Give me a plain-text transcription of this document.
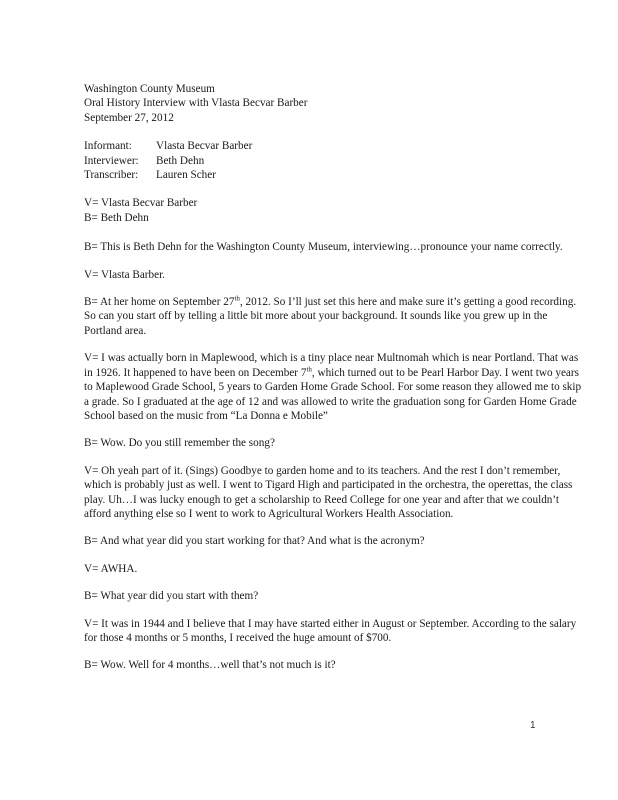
Washington County Museum
Oral History Interview with Vlasta Becvar Barber
September 27, 2012
Informant:	Vlasta Becvar Barber
Interviewer:	Beth Dehn
Transcriber:	Lauren Scher
V= Vlasta Becvar Barber
B= Beth Dehn

B= This is Beth Dehn for the Washington County Museum, interviewing…pronounce your name correctly.

V= Vlasta Barber.

B= At her home on September 27th, 2012. So I’ll just set this here and make sure it’s getting a good recording. So can you start off by telling a little bit more about your background. It sounds like you grew up in the Portland area.

V= I was actually born in Maplewood, which is a tiny place near Multnomah which is near Portland. That was in 1926. It happened to have been on December 7th, which turned out to be Pearl Harbor Day. I went two years to Maplewood Grade School, 5 years to Garden Home Grade School. For some reason they allowed me to skip a grade. So I graduated at the age of 12 and was allowed to write the graduation song for Garden Home Grade School based on the music from “La Donna e Mobile”

B= Wow. Do you still remember the song?

V= Oh yeah part of it. (Sings) Goodbye to garden home and to its teachers. And the rest I don’t remember, which is probably just as well. I went to Tigard High and participated in the orchestra, the operettas, the class play. Uh…I was lucky enough to get a scholarship to Reed College for one year and after that we couldn’t afford anything else so I went to work to Agricultural Workers Health Association.

B= And what year did you start working for that? And what is the acronym?

V= AWHA.

B= What year did you start with them?

V= It was in 1944 and I believe that I may have started either in August or September. According to the salary for those 4 months or 5 months, I received the huge amount of $700.

B= Wow. Well for 4 months…well that’s not much is it?

1
